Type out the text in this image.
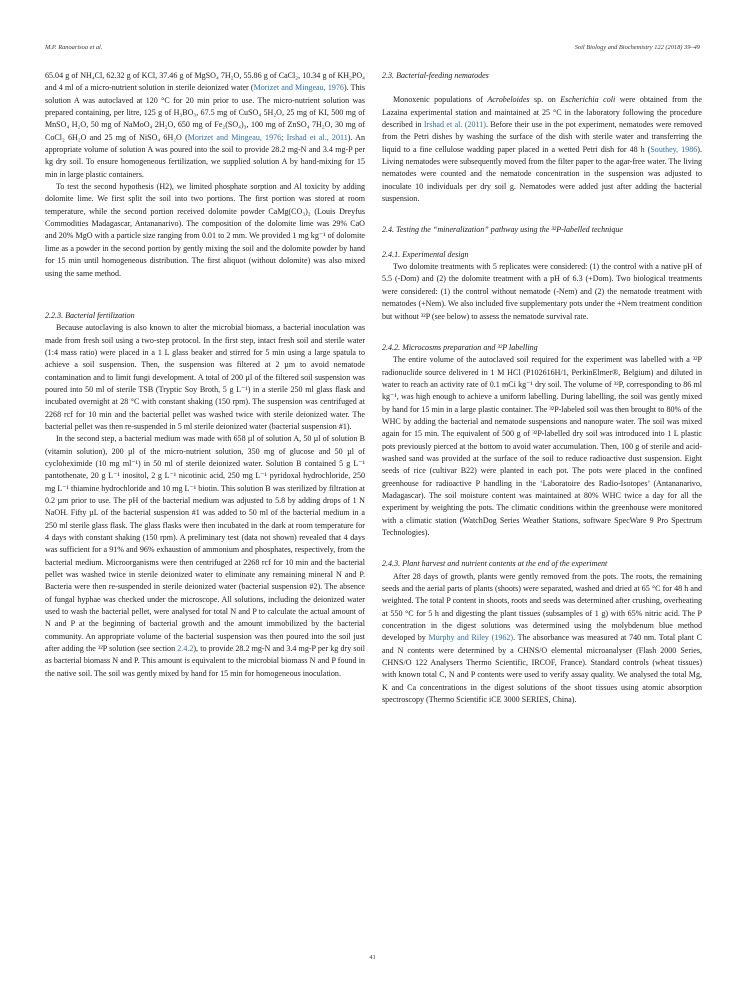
M.P. Ranoarisoa et al.	Soil Biology and Biochemistry 122 (2018) 39–49

65.04 g of NH₄Cl, 62.32 g of KCl, 37.46 g of MgSO₄ 7H₂O, 55.86 g of CaCl₂, 10.34 g of KH₂PO₄ and 4 ml of a micro-nutrient solution in sterile deionized water (Morizet and Mingeau, 1976). This solution A was autoclaved at 120 °C for 20 min prior to use. The micro-nutrient solution was prepared containing, per litre, 125 g of H₃BO₃, 67.5 mg of CuSO₄ 5H₂O, 25 mg of KI, 500 mg of MnSO₄ H₂O, 50 mg of NaMoO₄ 2H₂O, 650 mg of Fe₂(SO₄)₃, 100 mg of ZnSO₄ 7H₂O, 30 mg of CoCl₂ 6H₂O and 25 mg of NiSO₄ 6H₂O (Morizet and Mingeau, 1976; Irshad et al., 2011). An appropriate volume of solution A was poured into the soil to provide 28.2 mg-N and 3.4 mg-P per kg dry soil. To ensure homogeneous fertilization, we supplied solution A by hand-mixing for 15 min in large plastic containers.

To test the second hypothesis (H2), we limited phosphate sorption and Al toxicity by adding dolomite lime. We first split the soil into two portions. The first portion was stored at room temperature, while the second portion received dolomite powder CaMg(CO₃)₂ (Louis Dreyfus Commodities Madagascar, Antananarivo). The composition of the dolomite lime was 29% CaO and 20% MgO with a particle size ranging from 0.01 to 2 mm. We provided 1 mg kg⁻¹ of dolomite lime as a powder in the second portion by gently mixing the soil and the dolomite powder by hand for 15 min until homogeneous distribution. The first aliquot (without dolomite) was also mixed using the same method.

2.2.3. Bacterial fertilization

Because autoclaving is also known to alter the microbial biomass, a bacterial inoculation was made from fresh soil using a two-step protocol. In the first step, intact fresh soil and sterile water (1:4 mass ratio) were placed in a 1 L glass beaker and stirred for 5 min using a large spatula to achieve a soil suspension. Then, the suspension was filtered at 2 µm to avoid nematode contamination and to limit fungi development. A total of 200 µl of the filtered soil suspension was poured into 50 ml of sterile TSB (Tryptic Soy Broth, 5 g L⁻¹) in a sterile 250 ml glass flask and incubated overnight at 28 °C with constant shaking (150 rpm). The suspension was centrifuged at 2268 rcf for 10 min and the bacterial pellet was washed twice with sterile deionized water. The bacterial pellet was then re-suspended in 5 ml sterile deionized water (bacterial suspension #1).

In the second step, a bacterial medium was made with 658 µl of solution A, 50 µl of solution B (vitamin solution), 200 µl of the micro-nutrient solution, 350 mg of glucose and 50 µl of cycloheximide (10 mg ml⁻¹) in 50 ml of sterile deionized water. Solution B contained 5 g L⁻¹ pantothenate, 20 g L⁻¹ inositol, 2 g L⁻¹ nicotinic acid, 250 mg L⁻¹ pyridoxal hydrochloride, 250 mg L⁻¹ thiamine hydrochloride and 10 mg L⁻¹ biotin. This solution B was sterilized by filtration at 0.2 µm prior to use. The pH of the bacterial medium was adjusted to 5.8 by adding drops of 1 N NaOH. Fifty µL of the bacterial suspension #1 was added to 50 ml of the bacterial medium in a 250 ml sterile glass flask. The glass flasks were then incubated in the dark at room temperature for 4 days with constant shaking (150 rpm). A preliminary test (data not shown) revealed that 4 days was sufficient for a 91% and 96% exhaustion of ammonium and phosphates, respectively, from the bacterial medium. Microorganisms were then centrifuged at 2268 rcf for 10 min and the bacterial pellet was washed twice in sterile deionized water to eliminate any remaining mineral N and P. Bacteria were then re-suspended in sterile deionized water (bacterial suspension #2). The absence of fungal hyphae was checked under the microscope. All solutions, including the deionized water used to wash the bacterial pellet, were analysed for total N and P to calculate the actual amount of N and P at the beginning of bacterial growth and the amount immobilized by the bacterial community. An appropriate volume of the bacterial suspension was then poured into the soil just after adding the ³²P solution (see section 2.4.2), to provide 28.2 mg-N and 3.4 mg-P per kg dry soil as bacterial biomass N and P. This amount is equivalent to the microbial biomass N and P found in the native soil. The soil was gently mixed by hand for 15 min for homogeneous inoculation.

2.3. Bacterial-feeding nematodes

Monoxenic populations of Acrobeloides sp. on Escherichia coli were obtained from the Lazaina experimental station and maintained at 25 °C in the laboratory following the procedure described in Irshad et al. (2011). Before their use in the pot experiment, nematodes were removed from the Petri dishes by washing the surface of the dish with sterile water and transferring the liquid to a fine cellulose wadding paper placed in a wetted Petri dish for 48 h (Southey, 1986). Living nematodes were subsequently moved from the filter paper to the agar-free water. The living nematodes were counted and the nematode concentration in the suspension was adjusted to inoculate 10 individuals per dry soil g. Nematodes were added just after adding the bacterial suspension.

2.4. Testing the “mineralization” pathway using the ³²P-labelled technique

2.4.1. Experimental design

Two dolomite treatments with 5 replicates were considered: (1) the control with a native pH of 5.5 (-Dom) and (2) the dolomite treatment with a pH of 6.3 (+Dom). Two biological treatments were considered: (1) the control without nematode (-Nem) and (2) the nematode treatment with nematodes (+Nem). We also included five supplementary pots under the +Nem treatment condition but without ³²P (see below) to assess the nematode survival rate.

2.4.2. Microcosms preparation and ³²P labelling

The entire volume of the autoclaved soil required for the experiment was labelled with a ³²P radionuclide source delivered in 1 M HCl (P102616H/1, PerkinElmer®, Belgium) and diluted in water to reach an activity rate of 0.1 mCi kg⁻¹ dry soil. The volume of ³²P, corresponding to 86 ml kg⁻¹, was high enough to achieve a uniform labelling. During labelling, the soil was gently mixed by hand for 15 min in a large plastic container. The ³²P-labeled soil was then brought to 80% of the WHC by adding the bacterial and nematode suspensions and nanopure water. The soil was mixed again for 15 min. The equivalent of 500 g of ³²P-labelled dry soil was introduced into 1 L plastic pots previously pierced at the bottom to avoid water accumulation. Then, 100 g of sterile and acid-washed sand was provided at the surface of the soil to reduce radioactive dust suspension. Eight seeds of rice (cultivar B22) were planted in each pot. The pots were placed in the confined greenhouse for radioactive P handling in the ‘Laboratoire des Radio-Isotopes’ (Antananarivo, Madagascar). The soil moisture content was maintained at 80% WHC twice a day for all the experiment by weighting the pots. The climatic conditions within the greenhouse were monitored with a climatic station (WatchDog Series Weather Stations, software SpecWare 9 Pro Spectrum Technologies).

2.4.3. Plant harvest and nutrient contents at the end of the experiment

After 28 days of growth, plants were gently removed from the pots. The roots, the remaining seeds and the aerial parts of plants (shoots) were separated, washed and dried at 65 °C for 48 h and weighted. The total P content in shoots, roots and seeds was determined after crushing, overheating at 550 °C for 5 h and digesting the plant tissues (subsamples of 1 g) with 65% nitric acid. The P concentration in the digest solutions was determined using the molybdenum blue method developed by Murphy and Riley (1962). The absorbance was measured at 740 nm. Total plant C and N contents were determined by a CHNS/O elemental microanalyser (Flash 2000 Series, CHNS/O 122 Analysers Thermo Scientific, IRCOF, France). Standard controls (wheat tissues) with known total C, N and P contents were used to verify assay quality. We analysed the total Mg, K and Ca concentrations in the digest solutions of the shoot tissues using atomic absorption spectroscopy (Thermo Scientific iCE 3000 SERIES, China).

41
